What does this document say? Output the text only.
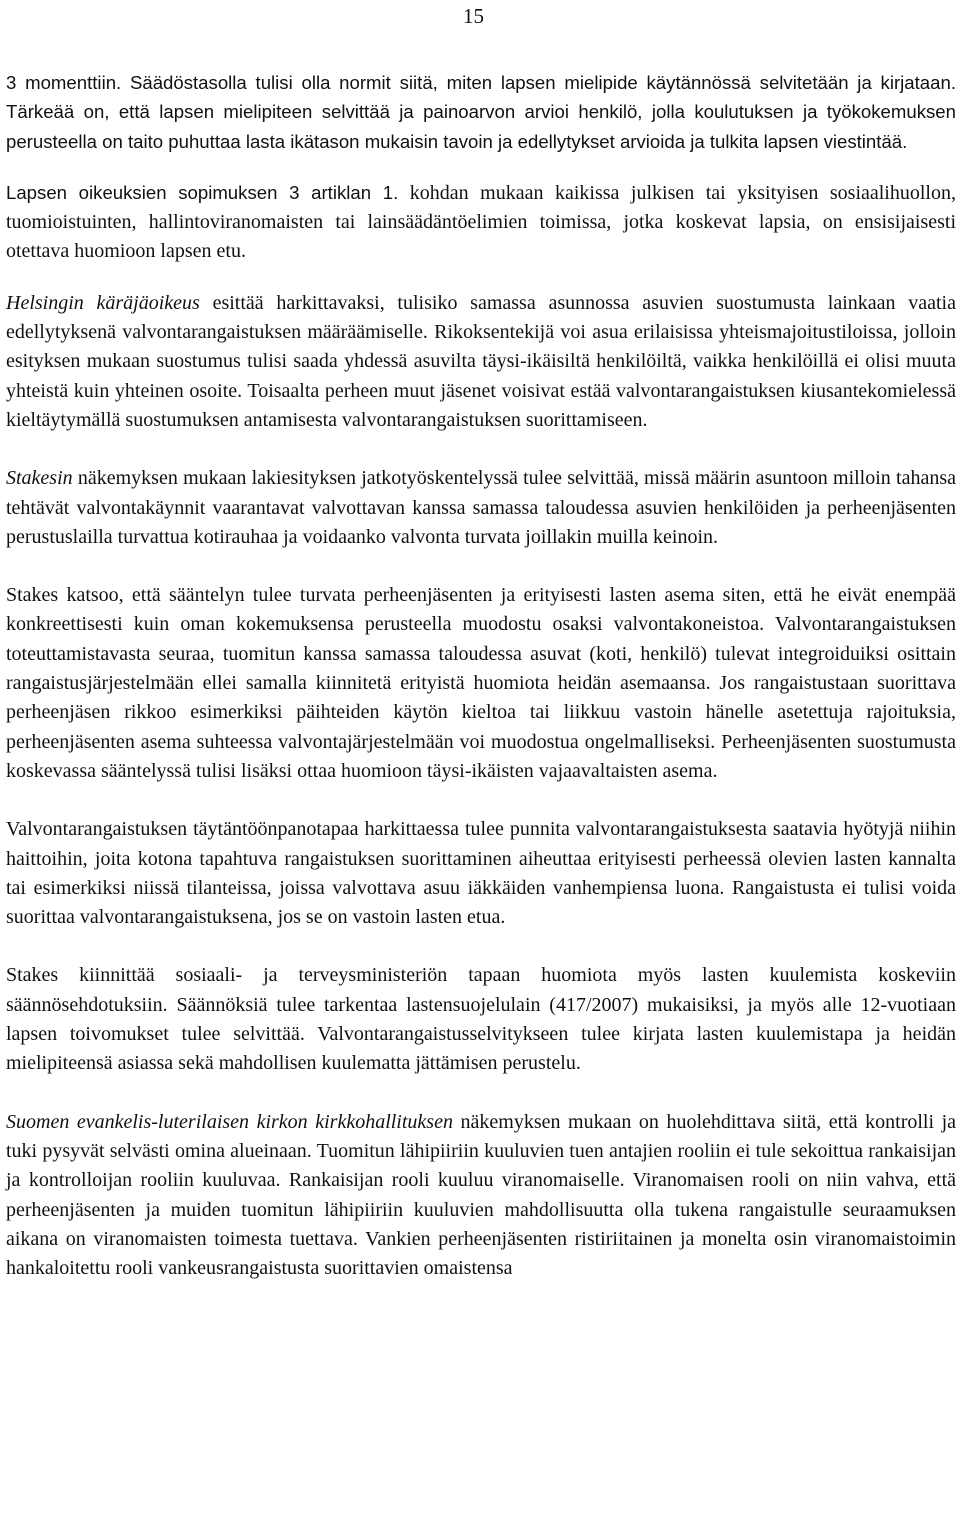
15

3 momenttiin. Säädöstasolla tulisi olla normit siitä, miten lapsen mielipide käytännössä selvitetään ja kirjataan. Tärkeää on, että lapsen mielipiteen selvittää ja painoarvon arvioi henkilö, jolla koulutuksen ja työkokemuksen perusteella on taito puhuttaa lasta ikätason mukaisin tavoin ja edellytykset arvioida ja tulkita lapsen viestintää.

Lapsen oikeuksien sopimuksen 3 artiklan 1. kohdan mukaan kaikissa julkisen tai yksityisen sosiaalihuollon, tuomioistuinten, hallintoviranomaisten tai lainsäädäntöelimien toimissa, jotka koskevat lapsia, on ensisijaisesti otettava huomioon lapsen etu.

Helsingin käräjäoikeus esittää harkittavaksi, tulisiko samassa asunnossa asuvien suostumusta lainkaan vaatia edellytyksenä valvontarangaistuksen määräämiselle. Rikoksentekijä voi asua erilaisissa yhteismajoitustiloissa, jolloin esityksen mukaan suostumus tulisi saada yhdessä asuvilta täysi-ikäisiltä henkilöiltä, vaikka henkilöillä ei olisi muuta yhteistä kuin yhteinen osoite. Toisaalta perheen muut jäsenet voisivat estää valvontarangaistuksen kiusantekomielessä kieltäytymällä suostumuksen antamisesta valvontarangaistuksen suorittamiseen.

Stakesin näkemyksen mukaan lakiesityksen jatkotyöskentelyssä tulee selvittää, missä määrin asuntoon milloin tahansa tehtävät valvontakäynnit vaarantavat valvottavan kanssa samassa taloudessa asuvien henkilöiden ja perheenjäsenten perustuslailla turvattua kotirauhaa ja voidaanko valvonta turvata joillakin muilla keinoin.

Stakes katsoo, että sääntelyn tulee turvata perheenjäsenten ja erityisesti lasten asema siten, että he eivät enempää konkreettisesti kuin oman kokemuksensa perusteella muodostu osaksi valvontakoneistoa. Valvontarangaistuksen toteuttamistavasta seuraa, tuomitun kanssa samassa taloudessa asuvat (koti, henkilö) tulevat integroiduiksi osittain rangaistusjärjestelmään ellei samalla kiinnitetä erityistä huomiota heidän asemaansa. Jos rangaistustaan suorittava perheenjäsen rikkoo esimerkiksi päihteiden käytön kieltoa tai liikkuu vastoin hänelle asetettuja rajoituksia, perheenjäsenten asema suhteessa valvontajärjestelmään voi muodostua ongelmalliseksi. Perheenjäsenten suostumusta koskevassa sääntelyssä tulisi lisäksi ottaa huomioon täysi-ikäisten vajaavaltaisten asema.

Valvontarangaistuksen täytäntöönpanotapaa harkittaessa tulee punnita valvontarangaistuksesta saatavia hyötyjä niihin haittoihin, joita kotona tapahtuva rangaistuksen suorittaminen aiheuttaa erityisesti perheessä olevien lasten kannalta tai esimerkiksi niissä tilanteissa, joissa valvottava asuu iäkkäiden vanhempiensa luona. Rangaistusta ei tulisi voida suorittaa valvontarangaistuksena, jos se on vastoin lasten etua.

Stakes kiinnittää sosiaali- ja terveysministeriön tapaan huomiota myös lasten kuulemista koskeviin säännösehdotuksiin. Säännöksiä tulee tarkentaa lastensuojelulain (417/2007) mukaisiksi, ja myös alle 12-vuotiaan lapsen toivomukset tulee selvittää. Valvontarangaistusselvitykseen tulee kirjata lasten kuulemistapa ja heidän mielipiteensä asiassa sekä mahdollisen kuulematta jättämisen perustelu.

Suomen evankelis-luterilaisen kirkon kirkkohallituksen näkemyksen mukaan on huolehdittava siitä, että kontrolli ja tuki pysyvät selvästi omina alueinaan. Tuomitun lähipiiriin kuuluvien tuen antajien rooliin ei tule sekoittua rankaisijan ja kontrolloijan rooliin kuuluvaa. Rankaisijan rooli kuuluu viranomaiselle. Viranomaisen rooli on niin vahva, että perheenjäsenten ja muiden tuomitun lähipiiriin kuuluvien mahdollisuutta olla tukena rangaistulle seuraamuksen aikana on viranomaisten toimesta tuettava. Vankien perheenjäsenten ristiriitainen ja monelta osin viranomaistoimin hankaloitettu rooli vankeusrangaistusta suorittavien omaistensa
